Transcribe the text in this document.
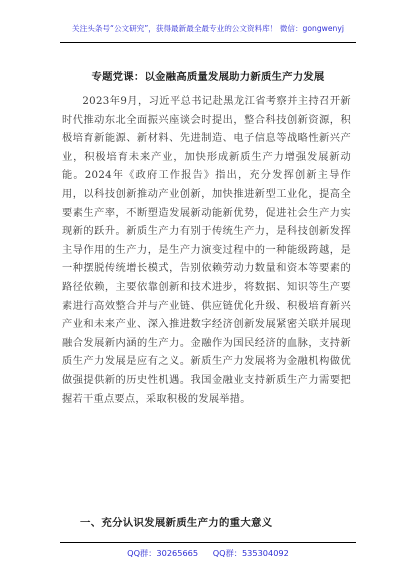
关注头条号“公文研究”，获得最新最全最专业的公文资料库！ 微信：gongwenyj
专题党课：以金融高质量发展助力新质生产力发展

2023年9月，习近平总书记赴黑龙江省考察并主持召开新时代推动东北全面振兴座谈会时提出，整合科技创新资源，积极培育新能源、新材料、先进制造、电子信息等战略性新兴产业，积极培育未来产业，加快形成新质生产力增强发展新动能。2024年《政府工作报告》指出，充分发挥创新主导作用，以科技创新推动产业创新，加快推进新型工业化，提高全要素生产率，不断塑造发展新动能新优势，促进社会生产力实现新的跃升。新质生产力有别于传统生产力，是科技创新发挥主导作用的生产力，是生产力演变过程中的一种能级跨越，是一种摆脱传统增长模式，告别依赖劳动力数量和资本等要素的路径依赖，主要依靠创新和技术进步，将数据、知识等生产要素进行高效整合并与产业链、供应链优化升级、积极培育新兴产业和未来产业、深入推进数字经济创新发展紧密关联并展现融合发展新内涵的生产力。金融作为国民经济的血脉，支持新质生产力发展是应有之义。新质生产力发展将为金融机构做优做强提供新的历史性机遇。我国金融业支持新质生产力需要把握若干重点要点，采取积极的发展举措。

一、充分认识发展新质生产力的重大意义
QQ群：30265665 QQ群：535304092
